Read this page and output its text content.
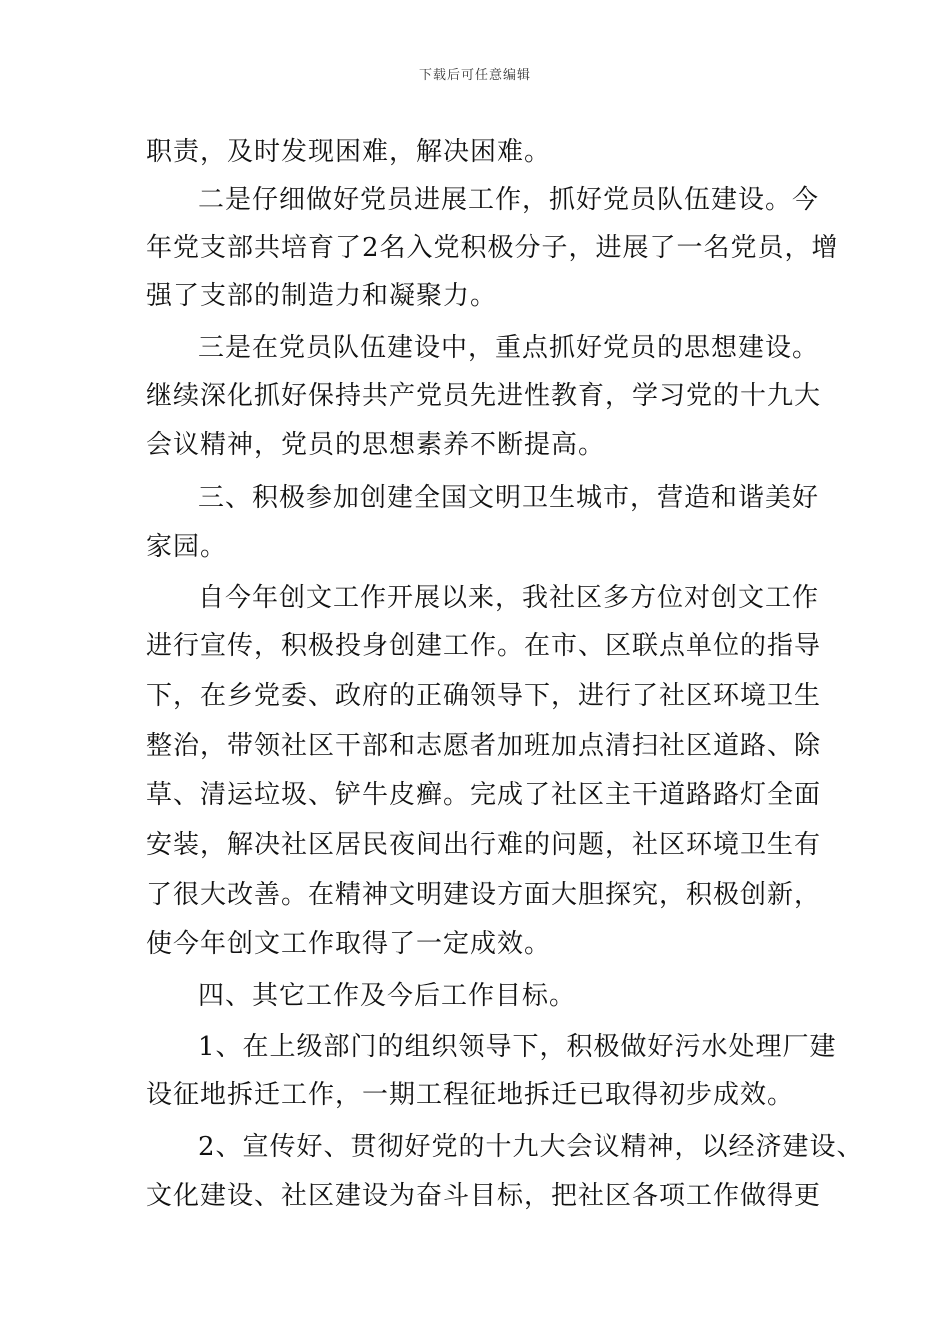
下载后可任意编辑
职责，及时发现困难，解决困难。
二是仔细做好党员进展工作，抓好党员队伍建设。今
年党支部共培育了2名入党积极分子，进展了一名党员，增
强了支部的制造力和凝聚力。
三是在党员队伍建设中，重点抓好党员的思想建设。
继续深化抓好保持共产党员先进性教育，学习党的十九大
会议精神，党员的思想素养不断提高。
三、积极参加创建全国文明卫生城市，营造和谐美好
家园。
自今年创文工作开展以来，我社区多方位对创文工作
进行宣传，积极投身创建工作。在市、区联点单位的指导
下，在乡党委、政府的正确领导下，进行了社区环境卫生
整治，带领社区干部和志愿者加班加点清扫社区道路、除
草、清运垃圾、铲牛皮癣。完成了社区主干道路路灯全面
安装，解决社区居民夜间出行难的问题，社区环境卫生有
了很大改善。在精神文明建设方面大胆探究，积极创新，
使今年创文工作取得了一定成效。
四、其它工作及今后工作目标。
1、在上级部门的组织领导下，积极做好污水处理厂建
设征地拆迁工作，一期工程征地拆迁已取得初步成效。
2、宣传好、贯彻好党的十九大会议精神，以经济建设、
文化建设、社区建设为奋斗目标，把社区各项工作做得更
